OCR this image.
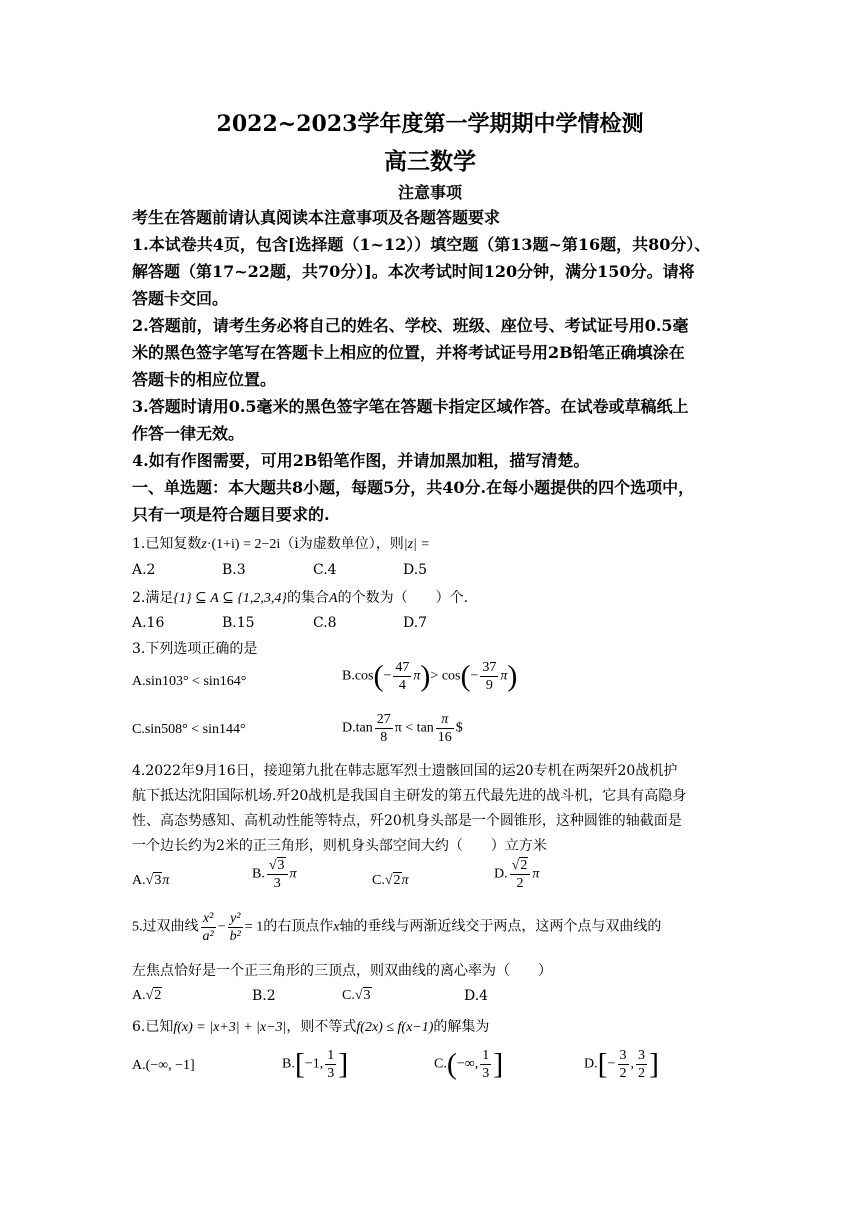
2022~2023学年度第一学期期中学情检测
高三数学
注意事项
考生在答题前请认真阅读本注意事项及各题答题要求
1.本试卷共4页，包含[选择题（1~12））填空题（第13题~第16题，共80分）、
解答题（第17~22题，共70分）]。本次考试时间120分钟，满分150分。请将
答题卡交回。
2.答题前，请考生务必将自己的姓名、学校、班级、座位号、考试证号用0.5毫
米的黑色签字笔写在答题卡上相应的位置，并将考试证号用2B铅笔正确填涂在
答题卡的相应位置。
3.答题时请用0.5毫米的黑色签字笔在答题卡指定区域作答。在试卷或草稿纸上
作答一律无效。
4.如有作图需要，可用2B铅笔作图，并请加黑加粗，描写清楚。
一、单选题：本大题共8小题，每题5分，共40分.在每小题提供的四个选项中，
只有一项是符合题目要求的.
1.已知复数z·(1+i) = 2−2i（i为虚数单位），则|z| =
A.2	B.3	C.4	D.5
2.满足{1} ⊆ A ⊆ {1,2,3,4}的集合A的个数为（　　）个.
A.16	B.15	C.8	D.7
3.下列选项正确的是
A.sin103° < sin164°	$B.\cos(- \frac{47}{4} \pi)> \cos(- \frac{37}{9} \pi)$
C.sin508° < sin144°	$D.\tan \frac{27}{8}$ $\pi < \tan \frac{\pi}{16}$ $
4.2022年9月16日，接迎第九批在韩志愿军烈士遗骸回国的运20专机在两架歼20战机护
航下抵达沈阳国际机场.歼20战机是我国自主研发的第五代最先进的战斗机，它具有高隐身
性、高态势感知、高机动性能等特点，歼20机身头部是一个圆锥形，这种圆锥的轴截面是
一个边长约为2米的正三角形，则机身头部空间大约（　　）立方米
A.√3π	B. $\frac{√3}{3}$ π	C.√2π	D. $\frac{√2}{2}$ π
5.过双曲线 $\frac{\text{x²}}{\text{a²}} - \frac{\text{y²}}{\text{b²}} = 1$的右顶点作x轴的垂线与两渐近线交于两点，这两个点与双曲线的
左焦点恰好是一个正三角形的三顶点，则双曲线的离心率为（　　）
A.√2	B.2	C.√3	D.4
6.已知f(x) = |x+3| + |x−3|，则不等式f(2x) ≤ f(x−1)的解集为
A.(−∞, −1]	B.[−1, $\frac{1}{3}$ ]	C.(−∞, $\frac{1}{3}$ ]	$D.[- \frac{3}{2}$ , $\frac{3}{2}$ ]
